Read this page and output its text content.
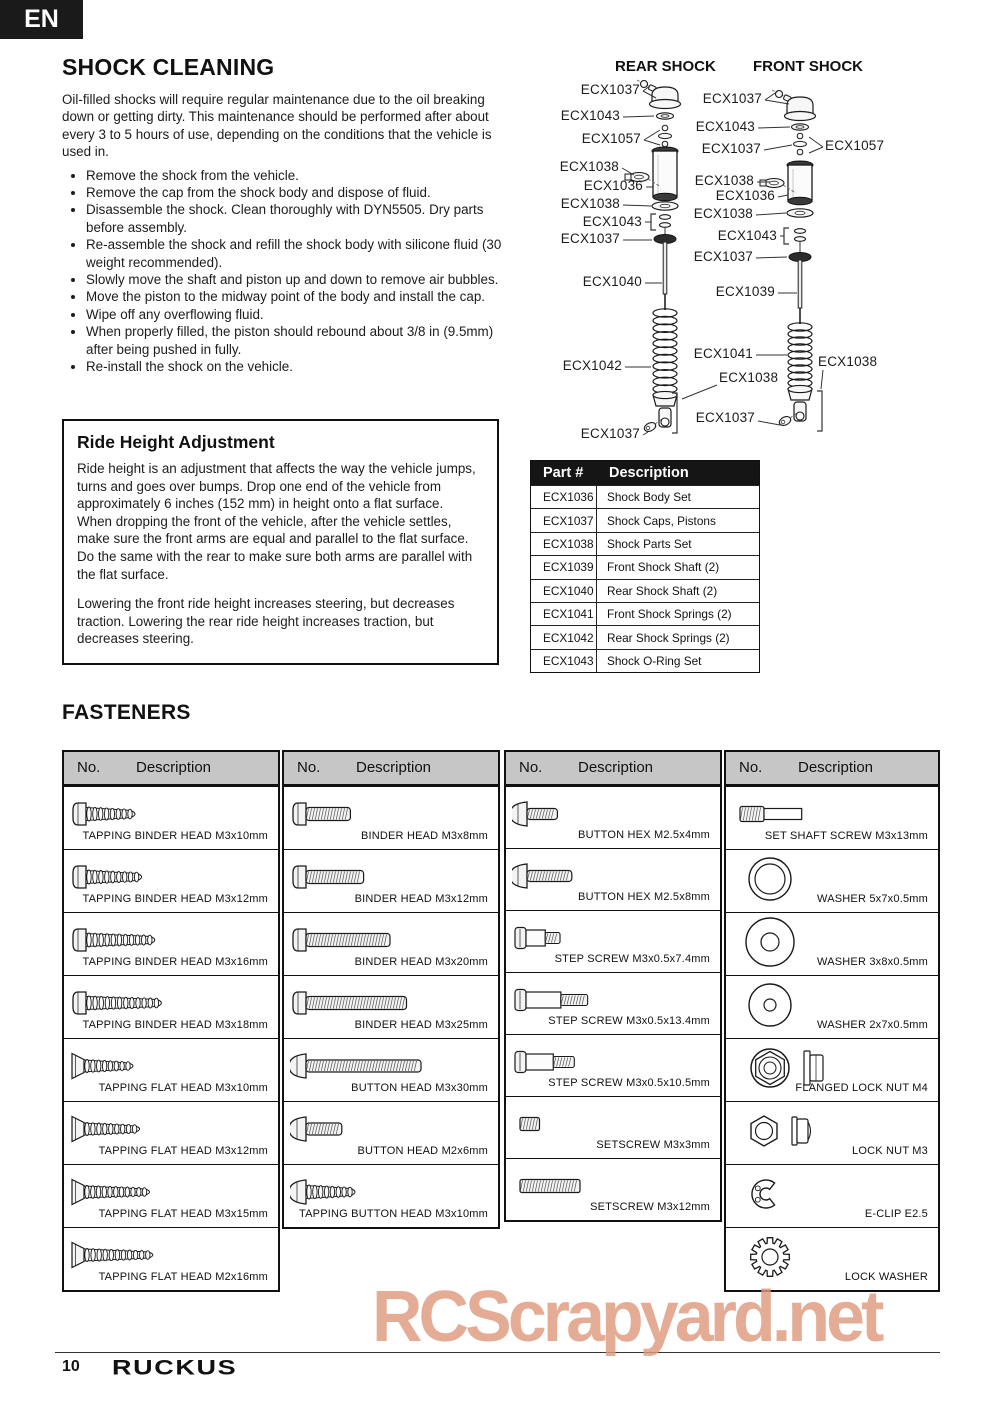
EN
SHOCK CLEANING
Oil-filled shocks will require regular maintenance due to the oil breaking down or getting dirty. This maintenance should be performed after about every 3 to 5 hours of use, depending on the conditions that the vehicle is used in.
• Remove the shock from the vehicle.
• Remove the cap from the shock body and dispose of fluid.
• Disassemble the shock. Clean thoroughly with DYN5505. Dry parts before assembly.
• Re-assemble the shock and refill the shock body with silicone fluid (30 weight recommended).
• Slowly move the shaft and piston up and down to remove air bubbles.
• Move the piston to the midway point of the body and install the cap.
• Wipe off any overflowing fluid.
• When properly filled, the piston should rebound about 3/8 in (9.5mm) after being pushed in fully.
• Re-install the shock on the vehicle.
Ride Height Adjustment

Ride height is an adjustment that affects the way the vehicle jumps, turns and goes over bumps. Drop one end of the vehicle from approximately 6 inches (152 mm) in height onto a flat surface. When dropping the front of the vehicle, after the vehicle settles, make sure the front arms are equal and parallel to the flat surface. Do the same with the rear to make sure both arms are parallel with the flat surface.

Lowering the front ride height increases steering, but decreases traction. Lowering the rear ride height increases traction, but decreases steering.

REAR SHOCK FRONT SHOCK
ECX1037
ECX1043
ECX1057
ECX1038
ECX1036
ECX1038
ECX1043
ECX1037
ECX1040
ECX1042
ECX1038
ECX1037
ECX1037
ECX1043
ECX1037	ECX1057
ECX1038
ECX1036
ECX1038
ECX1043
ECX1037
ECX1039
ECX1041
ECX1038
ECX1037
Part #	Description
ECX1036	Shock Body Set
ECX1037	Shock Caps, Pistons
ECX1038	Shock Parts Set
ECX1039	Front Shock Shaft (2)
ECX1040	Rear Shock Shaft (2)
ECX1041	Front Shock Springs (2)
ECX1042	Rear Shock Springs (2)
ECX1043	Shock O-Ring Set
FASTENERS
No. Description
TAPPING BINDER HEAD M3x10mm
TAPPING BINDER HEAD M3x12mm
TAPPING BINDER HEAD M3x16mm
TAPPING BINDER HEAD M3x18mm
TAPPING FLAT HEAD M3x10mm
TAPPING FLAT HEAD M3x12mm
TAPPING FLAT HEAD M3x15mm
TAPPING FLAT HEAD M2x16mm
No. Description
BINDER HEAD M3x8mm
BINDER HEAD M3x12mm
BINDER HEAD M3x20mm
BINDER HEAD M3x25mm
BUTTON HEAD M3x30mm
BUTTON HEAD M2x6mm
TAPPING BUTTON HEAD M3x10mm
No. Description
BUTTON HEX M2.5x4mm
BUTTON HEX M2.5x8mm
STEP SCREW M3x0.5x7.4mm
STEP SCREW M3x0.5x13.4mm
STEP SCREW M3x0.5x10.5mm
SETSCREW M3x3mm
SETSCREW M3x12mm
No. Description
SET SHAFT SCREW M3x13mm
WASHER 5x7x0.5mm
WASHER 3x8x0.5mm
WASHER 2x7x0.5mm
FLANGED LOCK NUT M4
LOCK NUT M3
E-CLIP E2.5
LOCK WASHER
RCScrapyard.net
10 RUCKUS
